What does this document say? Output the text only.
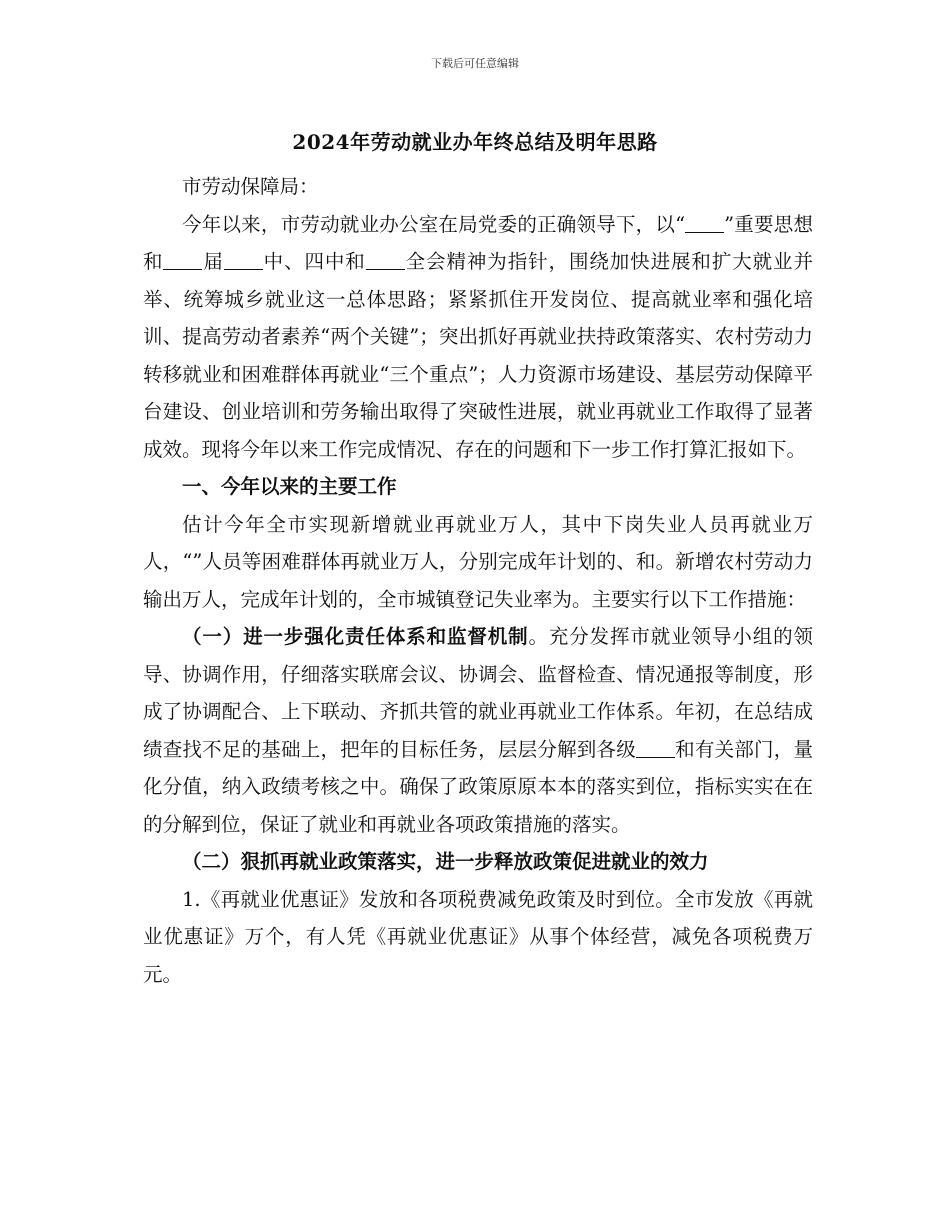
下载后可任意编辑
2024年劳动就业办年终总结及明年思路

市劳动保障局：

今年以来，市劳动就业办公室在局党委的正确领导下，以“ ”重要思想和 届 中、四中和 全会精神为指针，围绕加快进展和扩大就业并举、统筹城乡就业这一总体思路；紧紧抓住开发岗位、提高就业率和强化培训、提高劳动者素养“两个关键”；突出抓好再就业扶持政策落实、农村劳动力转移就业和困难群体再就业“三个重点”；人力资源市场建设、基层劳动保障平台建设、创业培训和劳务输出取得了突破性进展，就业再就业工作取得了显著成效。现将今年以来工作完成情况、存在的问题和下一步工作打算汇报如下。

一、今年以来的主要工作

估计今年全市实现新增就业再就业万人，其中下岗失业人员再就业万人，“”人员等困难群体再就业万人，分别完成年计划的、和。新增农村劳动力输出万人，完成年计划的，全市城镇登记失业率为。主要实行以下工作措施：

（一）进一步强化责任体系和监督机制。充分发挥市就业领导小组的领导、协调作用，仔细落实联席会议、协调会、监督检查、情况通报等制度，形成了协调配合、上下联动、齐抓共管的就业再就业工作体系。年初，在总结成绩查找不足的基础上，把年的目标任务，层层分解到各级 和有关部门，量化分值，纳入政绩考核之中。确保了政策原原本本的落实到位，指标实实在在的分解到位，保证了就业和再就业各项政策措施的落实。

（二）狠抓再就业政策落实，进一步释放政策促进就业的效力

1.《再就业优惠证》发放和各项税费减免政策及时到位。全市发放《再就业优惠证》万个，有人凭《再就业优惠证》从事个体经营，减免各项税费万元。
